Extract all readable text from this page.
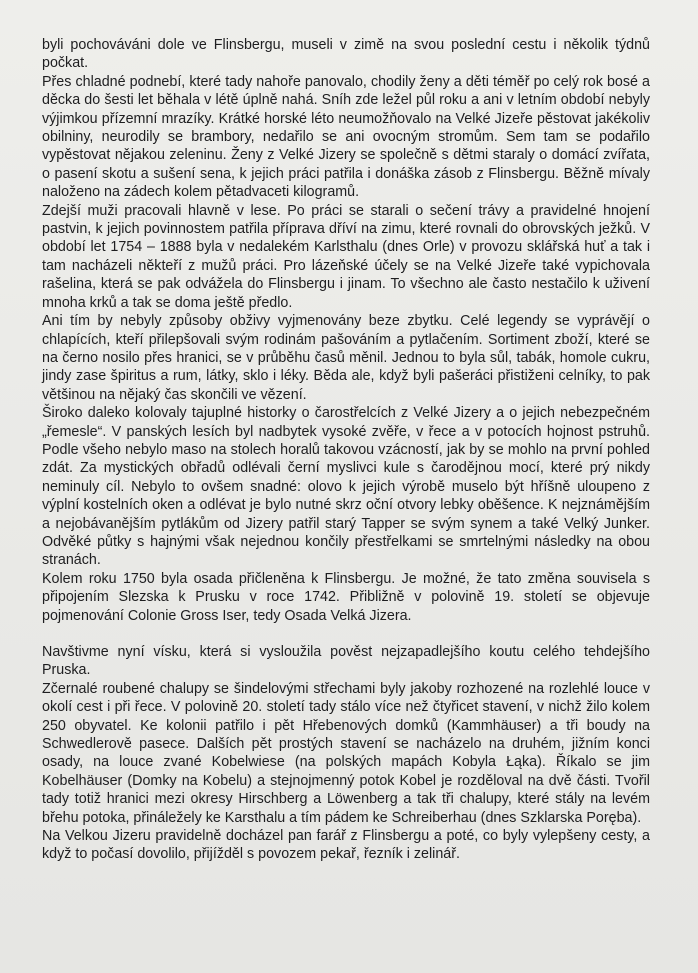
byli pochováváni dole ve Flinsbergu, museli v zimě na svou poslední cestu i několik týdnů počkat.

Přes chladné podnebí, které tady nahoře panovalo, chodily ženy a děti téměř po celý rok bosé a děcka do šesti let běhala v létě úplně nahá. Sníh zde ležel půl roku a ani v letním období nebyly výjimkou přízemní mrazíky. Krátké horské léto neumožňovalo na Velké Jizeře pěstovat jakékoliv obilniny, neurodily se brambory, nedařilo se ani ovocným stromům. Sem tam se podařilo vypěstovat nějakou zeleninu. Ženy z Velké Jizery se společně s dětmi staraly o domácí zvířata, o pasení skotu a sušení sena, k jejich práci patřila i donáška zásob z Flinsbergu. Běžně mívaly naloženo na zádech kolem pětadvaceti kilogramů.

Zdejší muži pracovali hlavně v lese. Po práci se starali o sečení trávy a pravidelné hnojení pastvin, k jejich povinnostem patřila příprava dříví na zimu, které rovnali do obrovských ježků. V období let 1754 – 1888 byla v nedalekém Karlsthalu (dnes Orle) v provozu sklářská huť a tak i tam nacházeli někteří z mužů práci. Pro lázeňské účely se na Velké Jizeře také vypichovala rašelina, která se pak odvážela do Flinsbergu i jinam. To všechno ale často nestačilo k uživení mnoha krků a tak se doma ještě předlo.

Ani tím by nebyly způsoby obživy vyjmenovány beze zbytku. Celé legendy se vyprávějí o chlapících, kteří přilepšovali svým rodinám pašováním a pytlačením. Sortiment zboží, které se na černo nosilo přes hranici, se v průběhu časů měnil. Jednou to byla sůl, tabák, homole cukru, jindy zase špiritus a rum, látky, sklo i léky. Běda ale, když byli pašeráci přistiženi celníky, to pak většinou na nějaký čas skončili ve vězení.

Široko daleko kolovaly tajuplné historky o čarostřelcích z Velké Jizery a o jejich nebezpečném „řemesle“. V panských lesích byl nadbytek vysoké zvěře, v řece a v potocích hojnost pstruhů. Podle všeho nebylo maso na stolech horalů takovou vzácností, jak by se mohlo na první pohled zdát. Za mystických obřadů odlévali černí myslivci kule s čarodějnou mocí, které prý nikdy neminuly cíl. Nebylo to ovšem snadné: olovo k jejich výrobě muselo být hříšně uloupeno z výplní kostelních oken a odlévat je bylo nutné skrz oční otvory lebky oběšence. K nejznámějším a nejobávanějším pytlákům od Jizery patřil starý Tapper se svým synem a také Velký Junker. Odvěké půtky s hajnými však nejednou končily přestřelkami se smrtelnými následky na obou stranách.

Kolem roku 1750 byla osada přičleněna k Flinsbergu. Je možné, že tato změna souvisela s připojením Slezska k Prusku v roce 1742. Přibližně v polovině 19. století se objevuje pojmenování Colonie Gross Iser, tedy Osada Velká Jizera.

Navštivme nyní vísku, která si vysloužila pověst nejzapadlejšího koutu celého tehdejšího Pruska.

Zčernalé roubené chalupy se šindelovými střechami byly jakoby rozhozené na rozlehlé louce v okolí cest i při řece. V polovině 20. století tady stálo více než čtyřicet stavení, v nichž žilo kolem 250 obyvatel. Ke kolonii patřilo i pět Hřebenových domků (Kammhäuser) a tři boudy na Schwedlerově pasece. Dalších pět prostých stavení se nacházelo na druhém, jižním konci osady, na louce zvané Kobelwiese (na polských mapách Kobyla Łąka). Říkalo se jim Kobelhäuser (Domky na Kobelu) a stejnojmenný potok Kobel je rozděloval na dvě části. Tvořil tady totiž hranici mezi okresy Hirschberg a Löwenberg a tak tři chalupy, které stály na levém břehu potoka, přináležely ke Karsthalu a tím pádem ke Schreiberhau (dnes Szklarska Poręba).

Na Velkou Jizeru pravidelně docházel pan farář z Flinsbergu a poté, co byly vylepšeny cesty, a když to počasí dovolilo, přijížděl s povozem pekař, řezník i zelinář.
